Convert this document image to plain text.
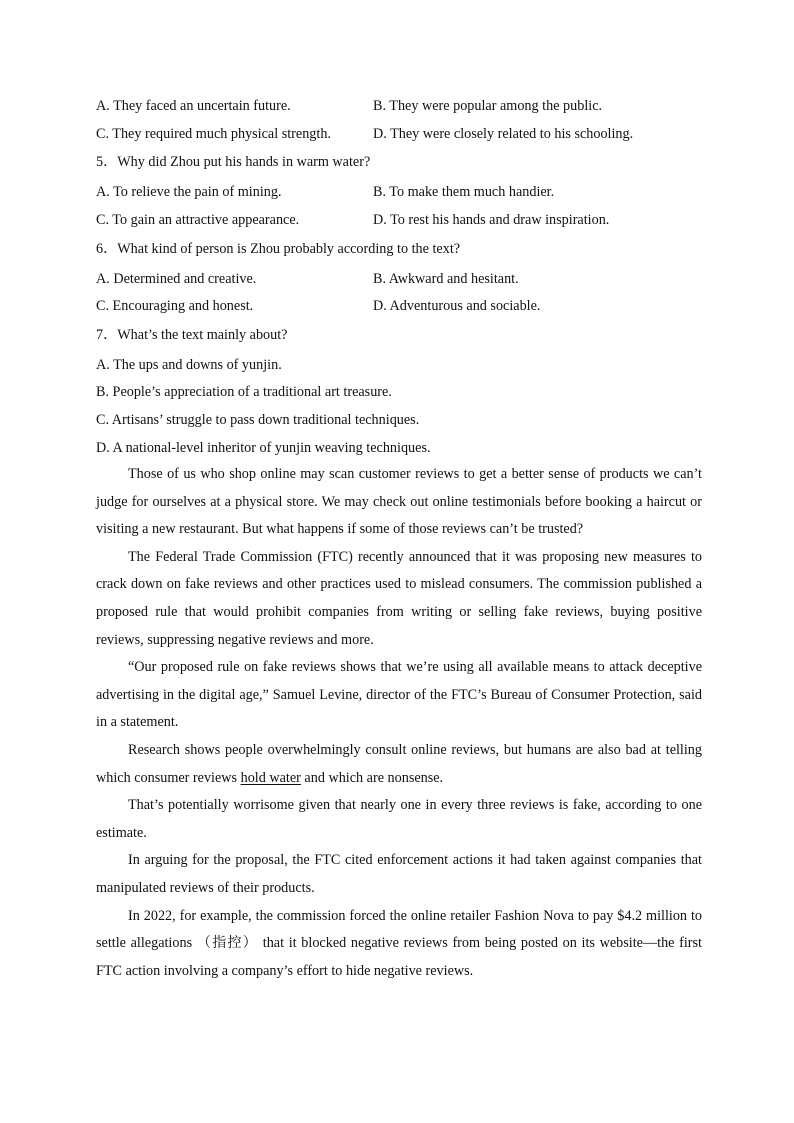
A. They faced an uncertain future.	B. They were popular among the public.
C. They required much physical strength.	D. They were closely related to his schooling.
5．Why did Zhou put his hands in warm water?
A. To relieve the pain of mining.	B. To make them much handier.
C. To gain an attractive appearance.	D. To rest his hands and draw inspiration.
6．What kind of person is Zhou probably according to the text?
A. Determined and creative.	B. Awkward and hesitant.
C. Encouraging and honest.	D. Adventurous and sociable.
7．What’s the text mainly about?
A. The ups and downs of yunjin.
B. People’s appreciation of a traditional art treasure.
C. Artisans’ struggle to pass down traditional techniques.
D. A national-level inheritor of yunjin weaving techniques.

Those of us who shop online may scan customer reviews to get a better sense of products we can’t judge for ourselves at a physical store. We may check out online testimonials before booking a haircut or visiting a new restaurant. But what happens if some of those reviews can’t be trusted?

The Federal Trade Commission (FTC) recently announced that it was proposing new measures to crack down on fake reviews and other practices used to mislead consumers. The commission published a proposed rule that would prohibit companies from writing or selling fake reviews, buying positive reviews, suppressing negative reviews and more.

“Our proposed rule on fake reviews shows that we’re using all available means to attack deceptive advertising in the digital age,” Samuel Levine, director of the FTC’s Bureau of Consumer Protection, said in a statement.

Research shows people overwhelmingly consult online reviews, but humans are also bad at telling which consumer reviews hold water and which are nonsense.

That’s potentially worrisome given that nearly one in every three reviews is fake, according to one estimate.

In arguing for the proposal, the FTC cited enforcement actions it had taken against companies that manipulated reviews of their products.

In 2022, for example, the commission forced the online retailer Fashion Nova to pay $4.2 million to settle allegations （指控） that it blocked negative reviews from being posted on its website—the first FTC action involving a company’s effort to hide negative reviews.
